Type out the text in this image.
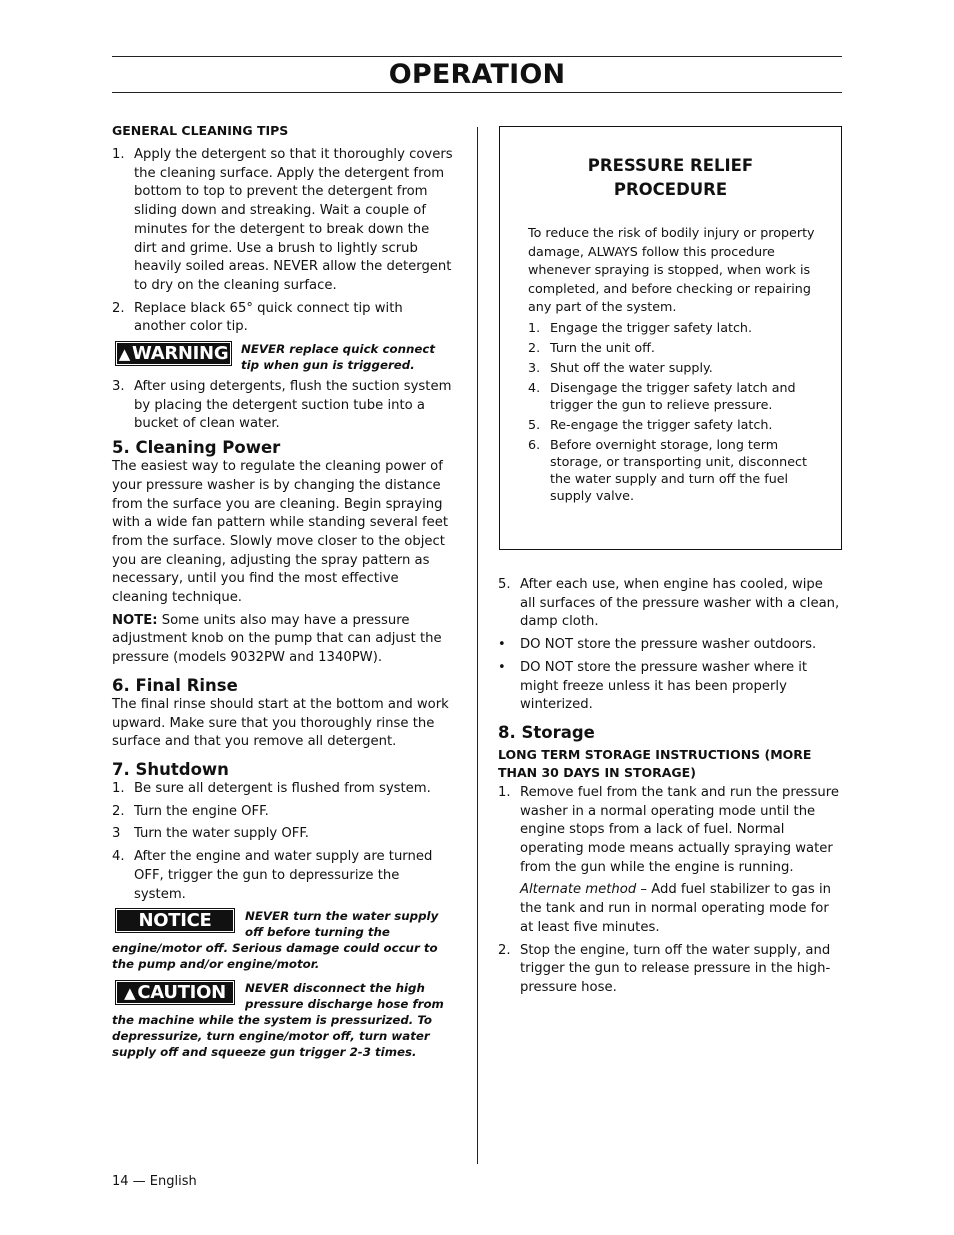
OPERATION
GENERAL CLEANING TIPS
1. Apply the detergent so that it thoroughly covers the cleaning surface. Apply the detergent from bottom to top to prevent the detergent from sliding down and streaking. Wait a couple of minutes for the detergent to break down the dirt and grime. Use a brush to lightly scrub heavily soiled areas. NEVER allow the detergent to dry on the cleaning surface.
2. Replace black 65° quick connect tip with another color tip.
▲ WARNING NEVER replace quick connect tip when gun is triggered.
3. After using detergents, flush the suction system by placing the detergent suction tube into a bucket of clean water.
5. Cleaning Power

The easiest way to regulate the cleaning power of your pressure washer is by changing the distance from the surface you are cleaning. Begin spraying with a wide fan pattern while standing several feet from the surface. Slowly move closer to the object you are cleaning, adjusting the spray pattern as necessary, until you find the most effective cleaning technique.

NOTE: Some units also may have a pressure adjustment knob on the pump that can adjust the pressure (models 9032PW and 1340PW).

6. Final Rinse

The final rinse should start at the bottom and work upward. Make sure that you thoroughly rinse the surface and that you remove all detergent.

7. Shutdown
1. Be sure all detergent is flushed from system.
2. Turn the engine OFF.
3	Turn the water supply OFF.
4. After the engine and water supply are turned OFF, trigger the gun to depressurize the system.
NOTICE	NEVER turn the water supply off before turning the engine/motor off. Serious damage could occur to the pump and/or engine/motor.
▲ CAUTION NEVER disconnect the high pressure discharge hose from the machine while the system is pressurized. To depressurize, turn engine/motor off, turn water supply off and squeeze gun trigger 2-3 times.
PRESSURE RELIEF
PROCEDURE

To reduce the risk of bodily injury or property damage, ALWAYS follow this procedure whenever spraying is stopped, when work is completed, and before checking or repairing any part of the system.

1. Engage the trigger safety latch.
2. Turn the unit off.
3. Shut off the water supply.
4. Disengage the trigger safety latch and trigger the gun to relieve pressure.
5. Re-engage the trigger safety latch.
6. Before overnight storage, long term storage, or transporting unit, disconnect the water supply and turn off the fuel supply valve.
5. After each use, when engine has cooled, wipe all surfaces of the pressure washer with a clean, damp cloth.
•	DO NOT store the pressure washer outdoors.
•	DO NOT store the pressure washer where it might freeze unless it has been properly winterized.
8. Storage
LONG TERM STORAGE INSTRUCTIONS (MORE THAN 30 DAYS IN STORAGE)
1. Remove fuel from the tank and run the pressure washer in a normal operating mode until the engine stops from a lack of fuel. Normal operating mode means actually spraying water from the gun while the engine is running.
Alternate method – Add fuel stabilizer to gas in the tank and run in normal operating mode for at least five minutes.
2. Stop the engine, turn off the water supply, and trigger the gun to release pressure in the high-pressure hose.
14 — English
